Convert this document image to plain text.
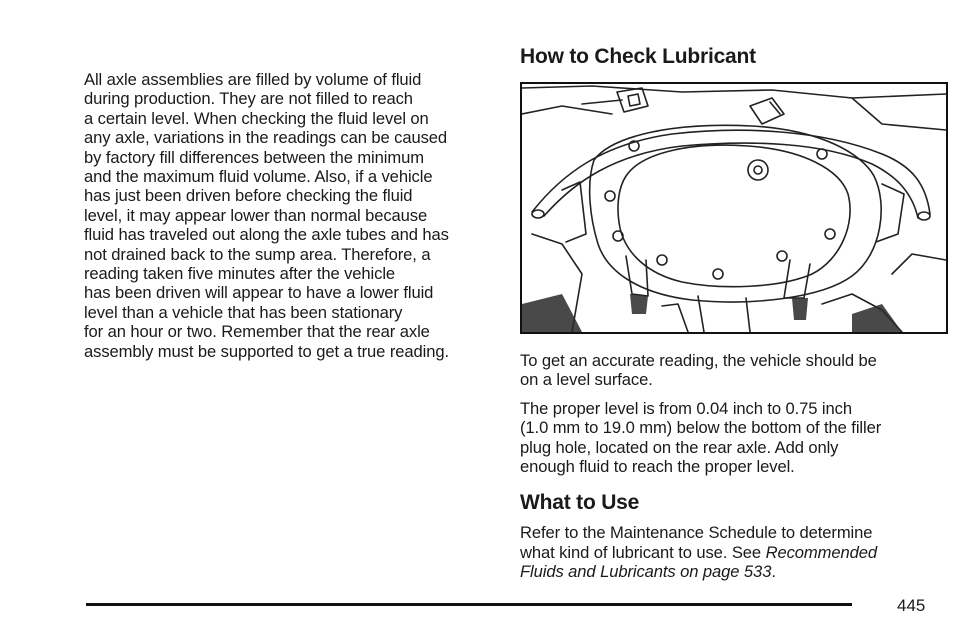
All axle assemblies are filled by volume of fluid
during production. They are not filled to reach
a certain level. When checking the fluid level on
any axle, variations in the readings can be caused
by factory fill differences between the minimum
and the maximum fluid volume. Also, if a vehicle
has just been driven before checking the fluid
level, it may appear lower than normal because
fluid has traveled out along the axle tubes and has
not drained back to the sump area. Therefore, a
reading taken five minutes after the vehicle
has been driven will appear to have a lower fluid
level than a vehicle that has been stationary
for an hour or two. Remember that the rear axle
assembly must be supported to get a true reading.
How to Check Lubricant
To get an accurate reading, the vehicle should be
on a level surface.
The proper level is from 0.04 inch to 0.75 inch
(1.0 mm to 19.0 mm) below the bottom of the filler
plug hole, located on the rear axle. Add only
enough fluid to reach the proper level.
What to Use
Refer to the Maintenance Schedule to determine
what kind of lubricant to use. See Recommended
Fluids and Lubricants on page 533.
445
